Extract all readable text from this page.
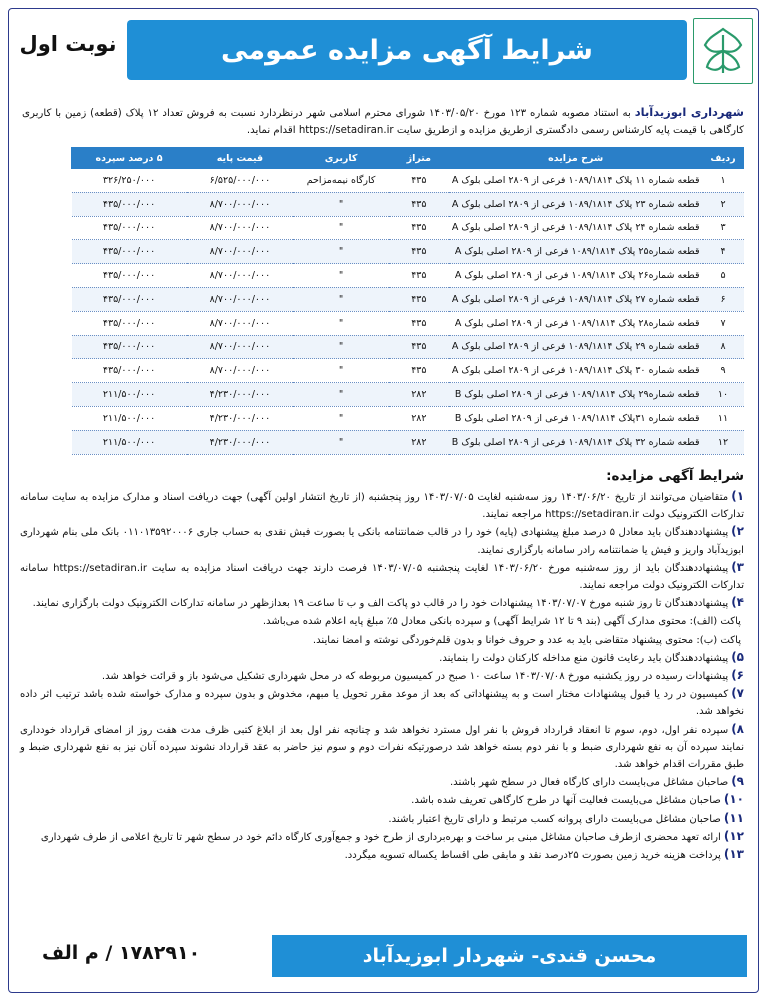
شرایط آگهی مزایده عمومی
نوبت اول
شهرداری ابوزیدآباد به استناد مصوبه شماره ۱۲۳ مورخ ۱۴۰۳/۰۵/۲۰ شورای محترم اسلامی شهر درنظردارد نسبت به فروش تعداد ۱۲ پلاک (قطعه) زمین با کاربری کارگاهی با قیمت پایه کارشناس رسمی دادگستری ازطریق مزایده و ازطریق سایت https://setadiran.ir اقدام نماید.
ردیف	شرح مزایده	متراژ	کاربری	قیمت پایه	۵ درصد سپرده
۱	قطعه شماره ۱۱ پلاک ۱۰۸۹/۱۸۱۴ فرعی از ۲۸۰۹ اصلی بلوک A	۴۳۵	کارگاه نیمه‌مزاحم	۶/۵۲۵/۰۰۰/۰۰۰	۳۲۶/۲۵۰/۰۰۰
۲	قطعه شماره ۲۳ پلاک ۱۰۸۹/۱۸۱۴ فرعی از ۲۸۰۹ اصلی بلوک A	۴۳۵	"	۸/۷۰۰/۰۰۰/۰۰۰	۴۳۵/۰۰۰/۰۰۰
۳	قطعه شماره ۲۴ پلاک ۱۰۸۹/۱۸۱۴ فرعی از ۲۸۰۹ اصلی بلوک A	۴۳۵	"	۸/۷۰۰/۰۰۰/۰۰۰	۴۳۵/۰۰۰/۰۰۰
۴	قطعه شماره۲۵ پلاک ۱۰۸۹/۱۸۱۴ فرعی از ۲۸۰۹ اصلی بلوک A	۴۳۵	"	۸/۷۰۰/۰۰۰/۰۰۰	۴۳۵/۰۰۰/۰۰۰
۵	قطعه شماره۲۶ پلاک ۱۰۸۹/۱۸۱۴ فرعی از ۲۸۰۹ اصلی بلوک A	۴۳۵	"	۸/۷۰۰/۰۰۰/۰۰۰	۴۳۵/۰۰۰/۰۰۰
۶	قطعه شماره ۲۷ پلاک ۱۰۸۹/۱۸۱۴ فرعی از ۲۸۰۹ اصلی بلوک A	۴۳۵	"	۸/۷۰۰/۰۰۰/۰۰۰	۴۳۵/۰۰۰/۰۰۰
۷	قطعه شماره۲۸ پلاک ۱۰۸۹/۱۸۱۴ فرعی از ۲۸۰۹ اصلی بلوک A	۴۳۵	"	۸/۷۰۰/۰۰۰/۰۰۰	۴۳۵/۰۰۰/۰۰۰
۸	قطعه شماره ۲۹ پلاک ۱۰۸۹/۱۸۱۴ فرعی از ۲۸۰۹ اصلی بلوک A	۴۳۵	"	۸/۷۰۰/۰۰۰/۰۰۰	۴۳۵/۰۰۰/۰۰۰
۹	قطعه شماره ۳۰ پلاک ۱۰۸۹/۱۸۱۴ فرعی از ۲۸۰۹ اصلی بلوک A	۴۳۵	"	۸/۷۰۰/۰۰۰/۰۰۰	۴۳۵/۰۰۰/۰۰۰
۱۰	قطعه شماره۲۹ پلاک ۱۰۸۹/۱۸۱۴ فرعی از ۲۸۰۹ اصلی بلوک B	۲۸۲	"	۴/۲۳۰/۰۰۰/۰۰۰	۲۱۱/۵۰۰/۰۰۰
۱۱	قطعه شماره ۳۱پلاک ۱۰۸۹/۱۸۱۴ فرعی از ۲۸۰۹ اصلی بلوک B	۲۸۲	"	۴/۲۳۰/۰۰۰/۰۰۰	۲۱۱/۵۰۰/۰۰۰
۱۲	قطعه شماره ۳۲ پلاک ۱۰۸۹/۱۸۱۴ فرعی از ۲۸۰۹ اصلی بلوک B	۲۸۲	"	۴/۲۳۰/۰۰۰/۰۰۰	۲۱۱/۵۰۰/۰۰۰
شرایط آگهی مزایده:

۱)متقاضیان می‌توانند از تاریخ ۱۴۰۳/۰۶/۲۰ روز سه‌شنبه لغایت ۱۴۰۳/۰۷/۰۵ روز پنجشنبه (از تاریخ انتشار اولین آگهی) جهت دریافت اسناد و مدارک مزایده به سایت سامانه تدارکات الکترونیک دولت https://setadiran.ir مراجعه نمایند.

۲)پیشنهاددهندگان باید معادل ۵ درصد مبلغ پیشنهادی (پایه) خود را در قالب ضمانتنامه بانکی یا بصورت فیش نقدی به حساب جاری ۰۱۱۰۱۳۵۹۲۰۰۰۶ بانک ملی بنام شهرداری ابوزیدآباد واریز و فیش یا ضمانتنامه رادر سامانه بارگزاری نمایند.

۳)پیشنهاددهندگان باید از روز سه‌شنبه مورخ ۱۴۰۳/۰۶/۲۰ لغایت پنجشنبه ۱۴۰۳/۰۷/۰۵ فرصت دارند جهت دریافت اسناد مزایده به سایت https://setadiran.ir سامانه تدارکات الکترونیک دولت مراجعه نمایند.

۴)پیشنهاددهندگان تا روز شنبه مورخ ۱۴۰۳/۰۷/۰۷ پیشنهادات خود را در قالب دو پاکت الف و ب تا ساعت ۱۹ بعدازظهر در سامانه تدارکات الکترونیک دولت بارگزاری نمایند.

پاکت (الف): محتوی مدارک آگهی (بند ۹ تا ۱۲ شرایط آگهی) و سپرده بانکی معادل ۵٪ مبلغ پایه اعلام شده می‌باشد.

پاکت (ب): محتوی پیشنهاد متقاضی باید به عدد و حروف خوانا و بدون قلم‌خوردگی نوشته و امضا نمایند.

۵)پیشنهاددهندگان باید رعایت قانون منع مداخله کارکنان دولت را بنمایند.

۶)پیشنهادات رسیده در روز یکشنبه مورخ ۱۴۰۳/۰۷/۰۸ ساعت ۱۰ صبح در کمیسیون مربوطه که در محل شهرداری تشکیل می‌شود باز و قرائت خواهد شد.

۷)کمیسیون در رد یا قبول پیشنهادات مختار است و به پیشنهاداتی که بعد از موعد مقرر تحویل یا مبهم، مخدوش و بدون سپرده و مدارک خواسته شده باشد ترتیب اثر داده نخواهد شد.

۸)سپرده نفر اول، دوم، سوم تا انعقاد قرارداد فروش با نفر اول مسترد نخواهد شد و چنانچه نفر اول بعد از ابلاغ کتبی ظرف مدت هفت روز از امضای قرارداد خودداری نمایند سپرده آن به نفع شهرداری ضبط و با نفر دوم بسته خواهد شد درصورتیکه نفرات دوم و سوم نیز حاضر به عقد قرارداد نشوند سپرده آنان نیز به نفع شهرداری ضبط و طبق مقررات اقدام خواهد شد.

۹)صاحبان مشاغل می‌بایست دارای کارگاه فعال در سطح شهر باشند.

۱۰)صاحبان مشاغل می‌بایست فعالیت آنها در طرح کارگاهی تعریف شده باشد.

۱۱)صاحبان مشاغل می‌بایست دارای پروانه کسب مرتبط و دارای تاریخ اعتبار باشند.

۱۲)ارائه تعهد محضری ازطرف صاحبان مشاغل مبنی بر ساخت و بهره‌برداری از طرح خود و جمع‌آوری کارگاه دائم خود در سطح شهر تا تاریخ اعلامی از طرف شهرداری

۱۳)پرداخت هزینه خرید زمین بصورت ۲۵درصد نقد و مابقی طی اقساط یکساله تسویه میگردد.

محسن قندی- شهردار ابوزیدآباد
۱۷۸۲۹۱۰ / م الف
